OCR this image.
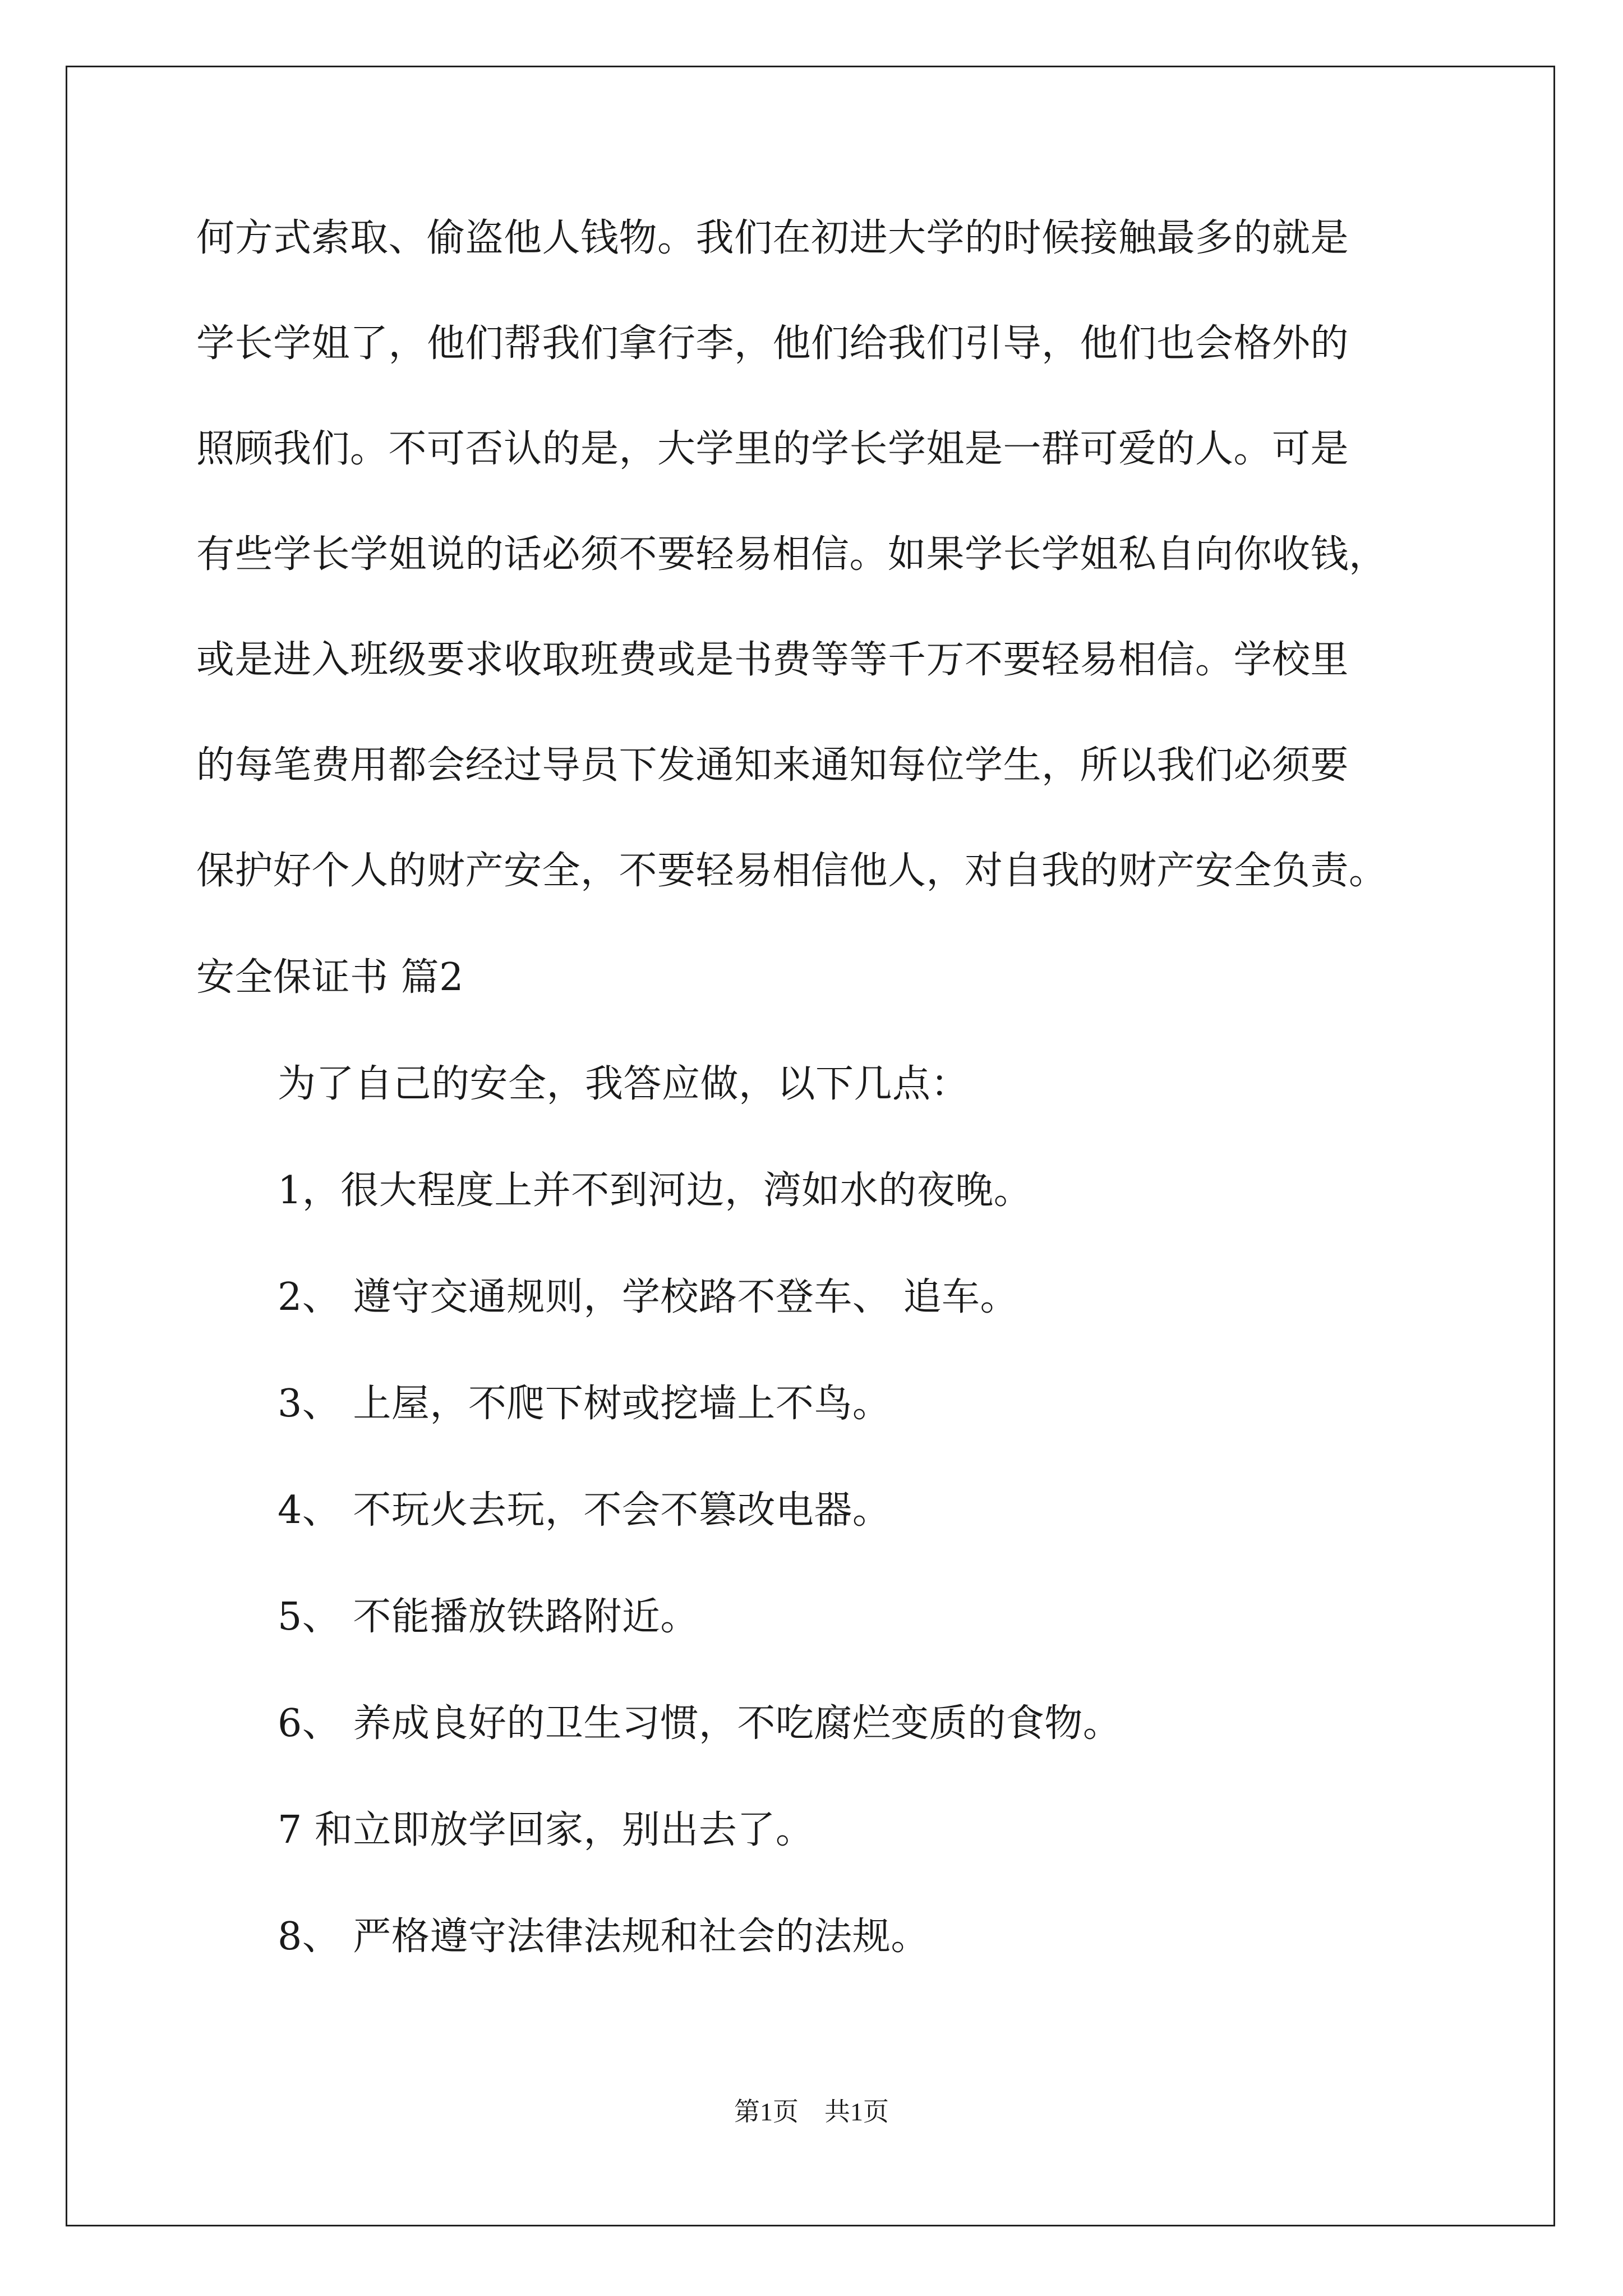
何方式索取、偷盗他人钱物。我们在初进大学的时候接触最多的就是
学长学姐了，他们帮我们拿行李，他们给我们引导，他们也会格外的
照顾我们。不可否认的是，大学里的学长学姐是一群可爱的人。可是
有些学长学姐说的话必须不要轻易相信。如果学长学姐私自向你收钱，
或是进入班级要求收取班费或是书费等等千万不要轻易相信。学校里
的每笔费用都会经过导员下发通知来通知每位学生，所以我们必须要
保护好个人的财产安全，不要轻易相信他人，对自我的财产安全负责。
安全保证书 篇2
为了自己的安全，我答应做，以下几点：
1，很大程度上并不到河边，湾如水的夜晚。
2、 遵守交通规则，学校路不登车、 追车。
3、 上屋，不爬下树或挖墙上不鸟。
4、 不玩火去玩，不会不篡改电器。
5、 不能播放铁路附近。
6、 养成良好的卫生习惯，不吃腐烂变质的食物。
7 和立即放学回家，别出去了。
8、 严格遵守法律法规和社会的法规。
第1页　共1页
